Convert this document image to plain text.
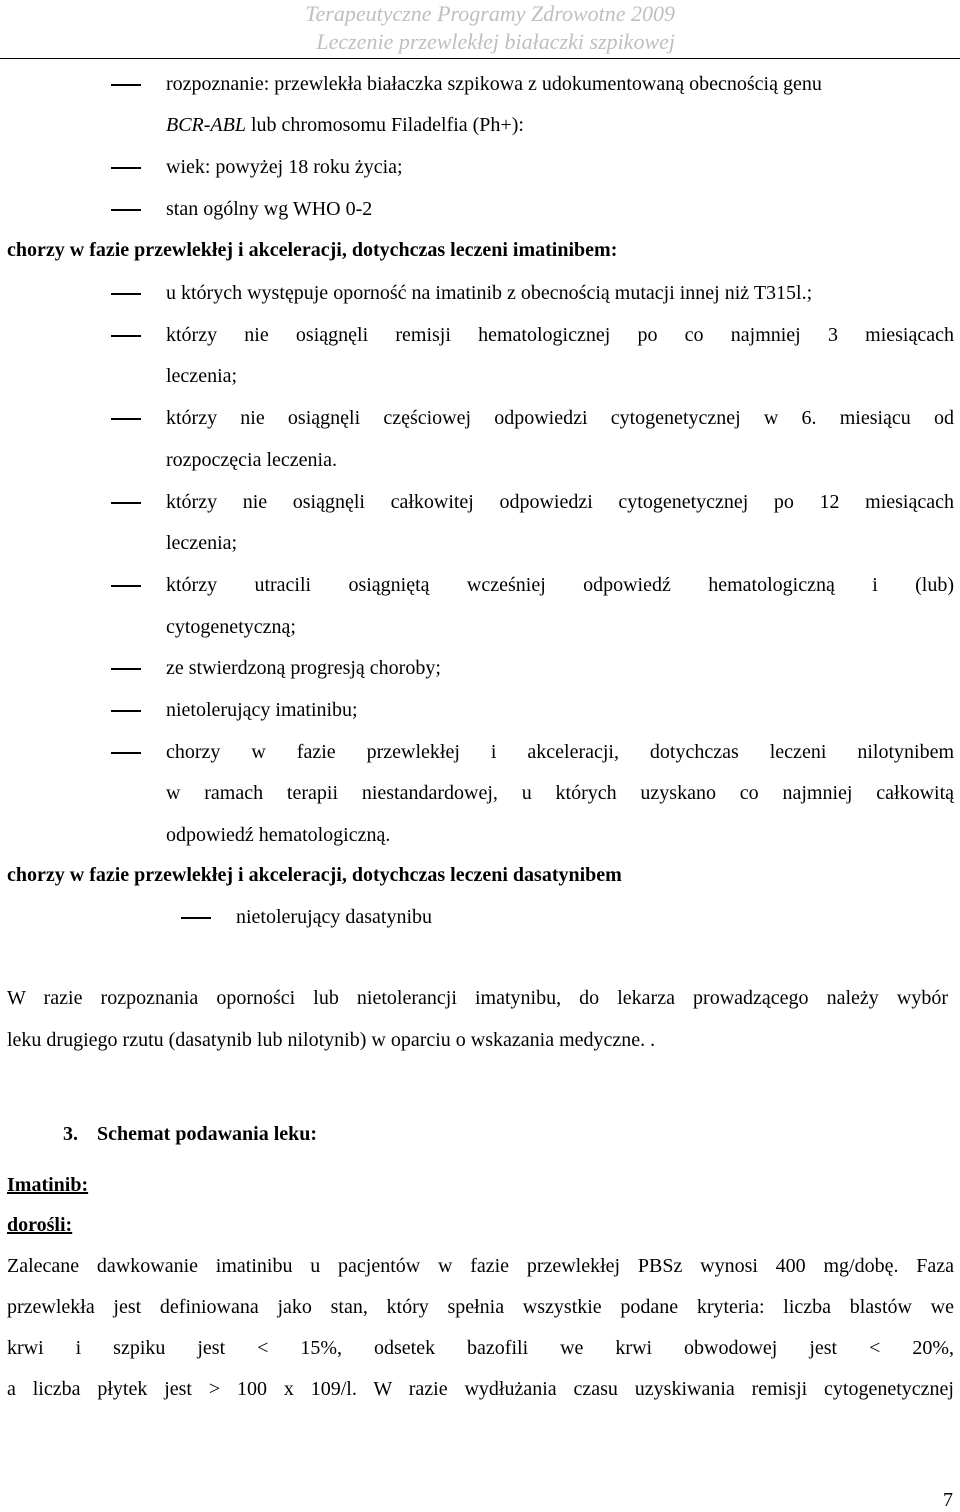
Terapeutyczne Programy Zdrowotne 2009
Leczenie przewlekłej białaczki szpikowej
rozpoznanie: przewlekła białaczka szpikowa z udokumentowaną obecnością genu
BCR-ABL lub chromosomu Filadelfia (Ph+):
wiek: powyżej 18 roku życia;
stan ogólny wg WHO 0-2
chorzy w fazie przewlekłej i akceleracji, dotychczas leczeni imatinibem:
u których występuje oporność na imatinib z obecnością mutacji innej niż T315l.;
którzy nie osiągnęli remisji hematologicznej po co najmniej 3 miesiącach
leczenia;
którzy nie osiągnęli częściowej odpowiedzi cytogenetycznej w 6. miesiącu od
rozpoczęcia leczenia.
którzy nie osiągnęli całkowitej odpowiedzi cytogenetycznej po 12 miesiącach
leczenia;
którzy utracili osiągniętą wcześniej odpowiedź hematologiczną i (lub)
cytogenetyczną;
ze stwierdzoną progresją choroby;
nietolerujący imatinibu;
chorzy w fazie przewlekłej i akceleracji, dotychczas leczeni nilotynibem
w ramach terapii niestandardowej, u których uzyskano co najmniej całkowitą
odpowiedź hematologiczną.
chorzy w fazie przewlekłej i akceleracji, dotychczas leczeni dasatynibem
nietolerujący dasatynibu
W razie rozpoznania oporności lub nietolerancji imatynibu, do lekarza prowadzącego należy wybór
leku drugiego rzutu (dasatynib lub nilotynib) w oparciu o wskazania medyczne. .
3. Schemat podawania leku:
Imatinib:
dorośli:
Zalecane dawkowanie imatinibu u pacjentów w fazie przewlekłej PBSz wynosi 400 mg/dobę. Faza
przewlekła jest definiowana jako stan, który spełnia wszystkie podane kryteria: liczba blastów we
krwi i szpiku jest < 15%, odsetek bazofili we krwi obwodowej jest < 20%,
a liczba płytek jest > 100 x 109/l. W razie wydłużania czasu uzyskiwania remisji cytogenetycznej
7
